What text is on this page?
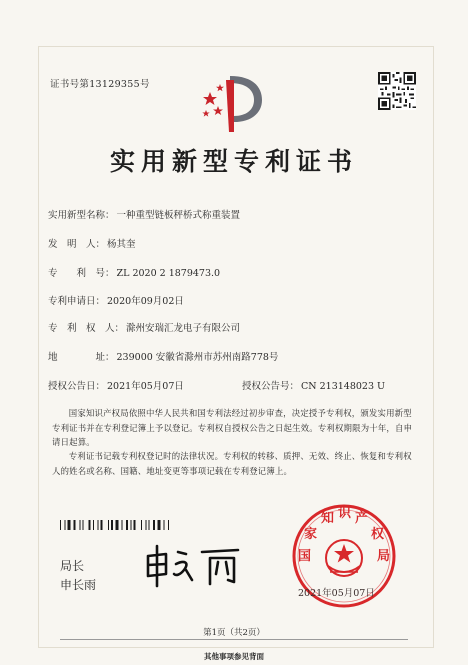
证书号第13129355号
实用新型专利证书
实用新型名称： 一种重型链板秤桥式称重装置
发　明　人： 杨其奎
专　　利　号： ZL 2020 2 1879473.0
专利申请日： 2020年09月02日
专　利　权　人： 滁州安瑞汇龙电子有限公司
地　　　　址： 239000 安徽省滁州市苏州南路778号
授权公告日： 2021年05月07日	授权公告号： CN 213148023 U
国家知识产权局依照中华人民共和国专利法经过初步审查，决定授予专利权，颁发实用新型专利证书并在专利登记簿上予以登记。专利权自授权公告之日起生效。专利权期限为十年，自申请日起算。
专利证书记载专利权登记时的法律状况。专利权的转移、质押、无效、终止、恢复和专利权人的姓名或名称、国籍、地址变更等事项记载在专利登记簿上。
局长
申长雨
国
家
知 识 产
权
局
2021年05月07日
第1页（共2页）
其他事项参见背面
